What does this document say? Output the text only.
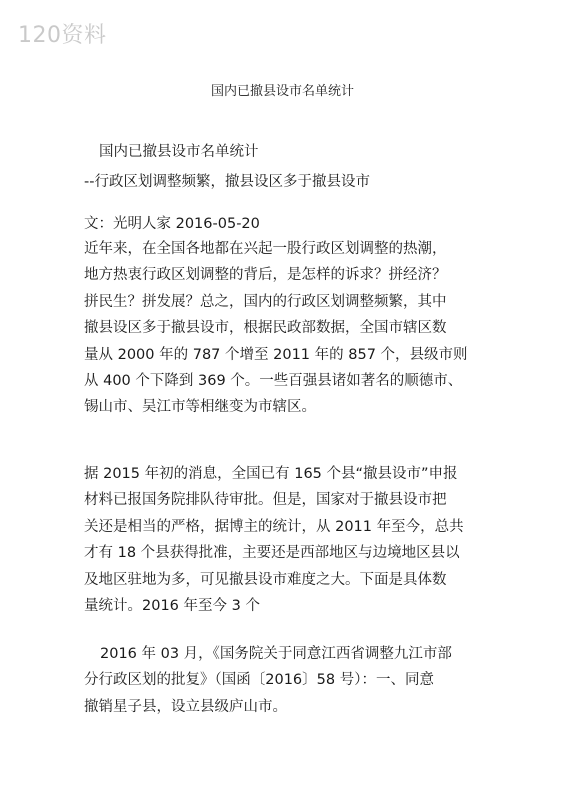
120资料
国内已撤县设市名单统计
国内已撤县设市名单统计
--行政区划调整频繁，撤县设区多于撤县设市
文：光明人家 2016-05-20
近年来，在全国各地都在兴起一股行政区划调整的热潮，
地方热衷行政区划调整的背后，是怎样的诉求？拼经济？
拼民生？拼发展？总之，国内的行政区划调整频繁，其中
撤县设区多于撤县设市，根据民政部数据，全国市辖区数
量从 2000 年的 787 个增至 2011 年的 857 个，县级市则
从 400 个下降到 369 个。一些百强县诸如著名的顺德市、
锡山市、吴江市等相继变为市辖区。
据 2015 年初的消息，全国已有 165 个县“撤县设市”申报
材料已报国务院排队待审批。但是，国家对于撤县设市把
关还是相当的严格，据博主的统计，从 2011 年至今，总共
才有 18 个县获得批准，主要还是西部地区与边境地区县以
及地区驻地为多，可见撤县设市难度之大。下面是具体数
量统计。2016 年至今 3 个
2016 年 03 月，《国务院关于同意江西省调整九江市部
分行政区划的批复》（国函〔2016〕58 号）：一、同意
撤销星子县，设立县级庐山市。
